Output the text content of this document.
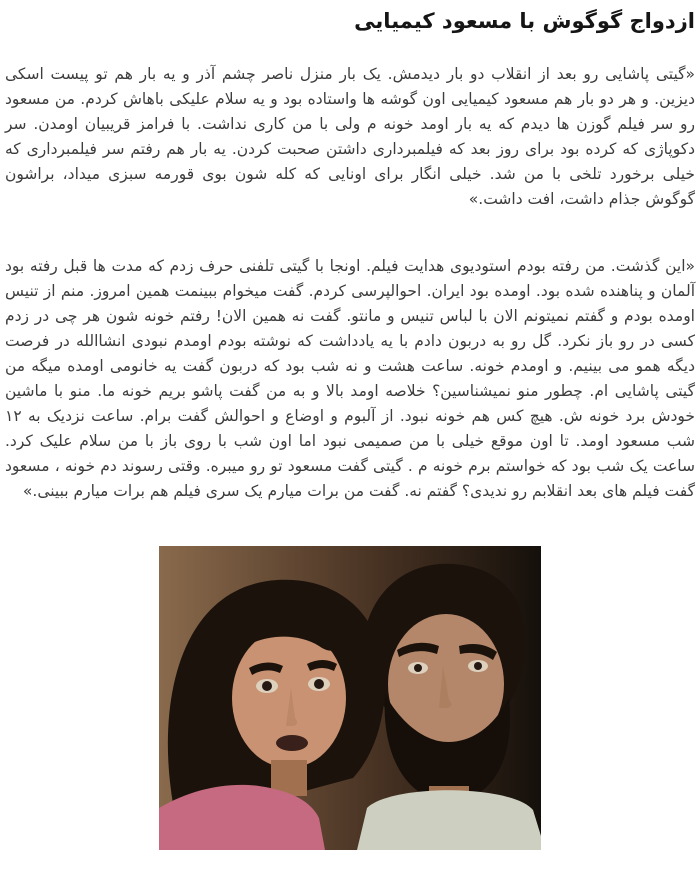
ازدواج گوگوش با مسعود کیمیایی

«گیتی پاشایی رو بعد از انقلاب دو بار دیدمش. یک بار منزل ناصر چشم آذر و یه بار هم تو پیست اسکی دیزین. و هر دو بار هم مسعود کیمیایی اون گوشه ها واستاده بود و یه سلام علیکی باهاش کردم. من مسعود رو سر فیلم گوزن ها دیدم که یه بار اومد خونه م ولی با من کاری نداشت. با فرامز قریبیان اومدن. سر دکوپاژی که کرده بود برای روز بعد که فیلمبرداری داشتن صحبت کردن. یه بار هم رفتم سر فیلمبرداری که خیلی برخورد تلخی با من شد. خیلی انگار برای اونایی که کله شون بوی قورمه سبزی میداد، براشون گوگوش جذام داشت، افت داشت.»

«این گذشت. من رفته بودم استودیوی هدایت فیلم. اونجا با گیتی تلفنی حرف زدم که مدت ها قبل رفته بود آلمان و پناهنده شده بود. اومده بود ایران. احوالپرسی کردم. گفت میخوام ببینمت همین امروز. منم از تنیس اومده بودم و گفتم نمیتونم الان با لباس تنیس و مانتو. گفت نه همین الان! رفتم خونه شون هر چی در زدم کسی در رو باز نکرد. گل رو به دربون دادم با یه یادداشت که نوشته بودم اومدم نبودی انشاالله در فرصت دیگه همو می بینیم. و اومدم خونه. ساعت هشت و نه شب بود که دربون گفت یه خانومی اومده میگه من گیتی پاشایی ام. چطور منو نمیشناسین؟ خلاصه اومد بالا و به من گفت پاشو بریم خونه ما. منو با ماشین خودش برد خونه ش. هیچ کس هم خونه نبود. از آلبوم و اوضاع و احوالش گفت برام. ساعت نزدیک به ۱۲ شب مسعود اومد. تا اون موقع خیلی با من صمیمی نبود اما اون شب با روی باز با من سلام علیک کرد. ساعت یک شب بود که خواستم برم خونه م . گیتی گفت مسعود تو رو میبره. وقتی رسوند دم خونه ، مسعود گفت فیلم های بعد انقلابم رو ندیدی؟ گفتم نه. گفت من برات میارم یک سری فیلم هم برات میارم ببینی.»
